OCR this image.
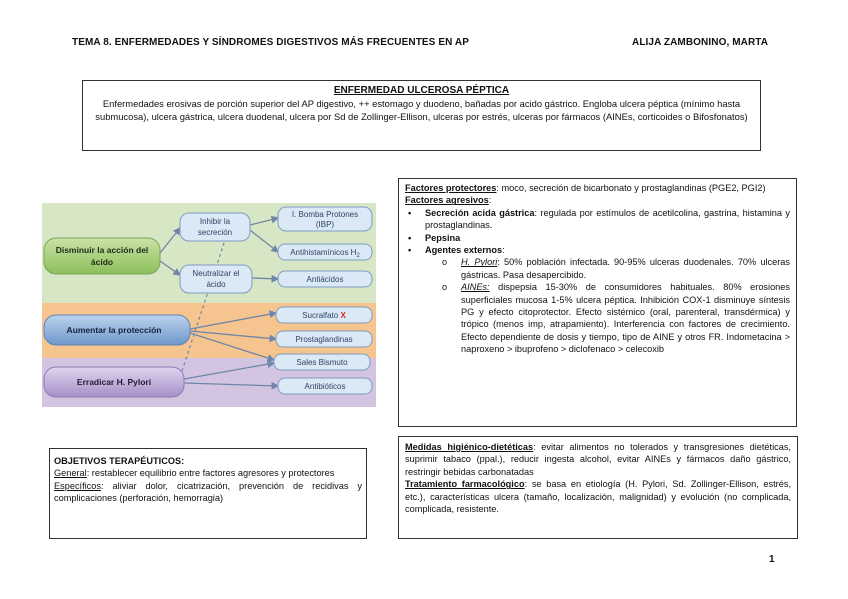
TEMA 8. ENFERMEDADES Y SÍNDROMES DIGESTIVOS MÁS FRECUENTES EN AP	ALIJA ZAMBONINO, MARTA
ENFERMEDAD ULCEROSA PÉPTICA
Enfermedades erosivas de porción superior del AP digestivo, ++ estomago y duodeno, bañadas por acido gástrico. Engloba ulcera péptica (mínimo hasta submucosa), ulcera gástrica, ulcera duodenal, ulcera por Sd de Zollinger-Ellison, ulceras por estrés, ulceras por fármacos (AINEs, corticoides o Bifosfonatos)
Disminuir la acción del
ácido
Aumentar la protección
Erradicar H. Pylori
Inhibir la
secreción
Neutralizar el
ácido
I. Bomba Protones
(IBP)
Antihistamínicos $H_2$
Antiácidos
Sucralfato X
Prostaglandinas
Sales Bismuto
Antibióticos
Factores protectores: moco, secreción de bicarbonato y prostaglandinas (PGE2, PGI2)
Factores agresivos:
• Secreción acida gástrica: regulada por estímulos de acetilcolina, gastrina, histamina y prostaglandinas.
• Pepsina
• Agentes externos:
o H. Pylori: 50% población infectada. 90-95% ulceras duodenales. 70% ulceras gástricas. Pasa desapercibido.
o AINEs: dispepsia 15-30% de consumidores habituales. 80% erosiones superficiales mucosa 1-5% ulcera péptica. Inhibición COX-1 disminuye síntesis PG y efecto citoprotector. Efecto sistémico (oral, parenteral, transdérmica) y trópico (menos imp, atrapamiento). Interferencia con factores de crecimiento. Efecto dependiente de dosis y tiempo, tipo de AINE y otros FR. Indometacina > naproxeno > ibuprofeno > diclofenaco > celecoxib
OBJETIVOS TERAPÉUTICOS:
General: restablecer equilibrio entre factores agresores y protectores
Específicos: aliviar dolor, cicatrización, prevención de recidivas y complicaciones (perforación, hemorragia)
Medidas higiénico-dietéticas: evitar alimentos no tolerados y transgresiones dietéticas, suprimir tabaco (ppal.), reducir ingesta alcohol, evitar AINEs y fármacos daño gástrico, restringir bebidas carbonatadas
Tratamiento farmacológico: se basa en etiología (H. Pylori, Sd. Zollinger-Ellison, estrés, etc.), características ulcera (tamaño, localización, malignidad) y evolución (no complicada, complicada, resistente.
1
